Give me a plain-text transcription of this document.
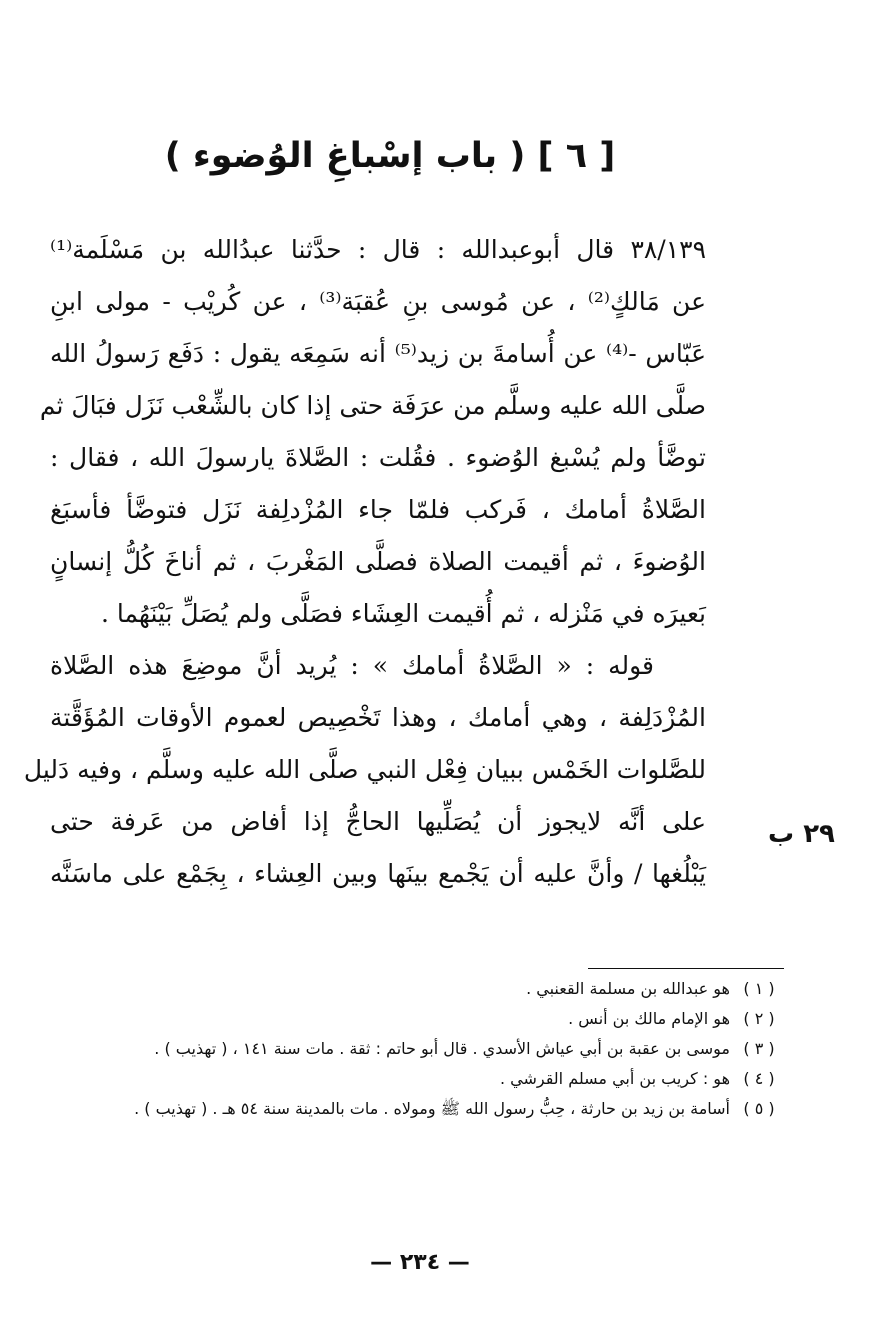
[ ٦ ] ( باب إسْباغِ الوُضوء )

٣٨/١٣٩ قال أبوعبدالله : قال : حدَّثنا عبدُالله بن مَسْلَمة⁽¹⁾

عن مَالكٍ⁽²⁾ ، عن مُوسى بنِ عُقبَة⁽³⁾ ، عن كُريْب - مولى ابنِ

عَبّاس -⁽⁴⁾ عن أُسامةَ بن زيد⁽⁵⁾ أنه سَمِعَه يقول : دَفَع رَسولُ الله

صلَّى الله عليه وسلَّم من عرَفَة حتى إذا كان بالشِّعْب نَزَل فبَالَ ثم

توضَّأ ولم يُسْبغ الوُضوء . فقُلت : الصَّلاةَ يارسولَ الله ، فقال :

الصَّلاةُ أمامك ، فَركب فلمّا جاء المُزْدلِفة نَزَل فتوضَّأ فأسبَغ

الوُضوءَ ، ثم أقيمت الصلاة فصلَّى المَغْربَ ، ثم أناخَ كُلُّ إنسانٍ

بَعيرَه في مَنْزله ، ثم أُقيمت العِشَاء فصَلَّى ولم يُصَلِّ بَيْنَهُما .

قوله : « الصَّلاةُ أمامك » : يُريد أنَّ موضِعَ هذه الصَّلاة

المُزْدَلِفة ، وهي أمامك ، وهذا تَخْصِيص لعموم الأوقات المُؤَقَّتة

للصَّلوات الخَمْس ببيان فِعْل النبي صلَّى الله عليه وسلَّم ، وفيه دَليل

على أنَّه لايجوز أن يُصَلِّيها الحاجُّ إذا أفاض من عَرفة حتى

يَبْلُغها / وأنَّ عليه أن يَجْمع بينَها وبين العِشاء ، بِجَمْع على ماسَنَّه

٢٩ ب
( ١ )
هو عبدالله بن مسلمة القعنبي .
( ٢ )
هو الإمام مالك بن أنس .
( ٣ )
موسى بن عقبة بن أبي عياش الأسدي . قال أبو حاتم : ثقة . مات سنة ١٤١ ، ( تهذيب ) .
( ٤ )
هو : كريب بن أبي مسلم القرشي .
( ٥ )
أسامة بن زيد بن حارثة ، حِبُّ رسول الله ﷺ ومولاه . مات بالمدينة سنة ٥٤ هـ . ( تهذيب ) .
— ٢٣٤ —
